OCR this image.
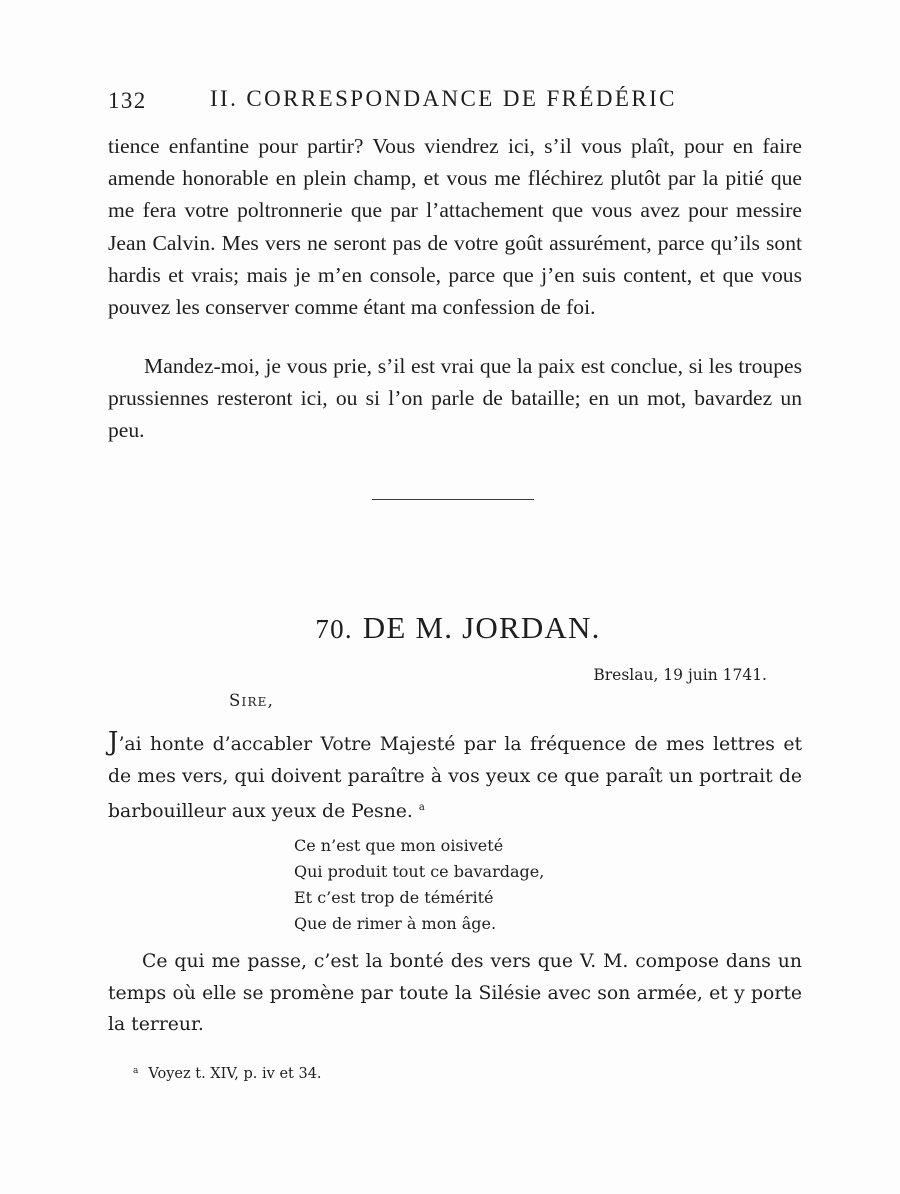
132	II. CORRESPONDANCE DE FRÉDÉRIC

tience enfantine pour partir? Vous viendrez ici, s’il vous plaît, pour en faire amende honorable en plein champ, et vous me fléchirez plutôt par la pitié que me fera votre poltronnerie que par l’attachement que vous avez pour messire Jean Calvin. Mes vers ne seront pas de votre goût assurément, parce qu’ils sont hardis et vrais; mais je m’en console, parce que j’en suis content, et que vous pouvez les conserver comme étant ma confession de foi.

Mandez-moi, je vous prie, s’il est vrai que la paix est conclue, si les troupes prussiennes resteront ici, ou si l’on parle de bataille; en un mot, bavardez un peu.

70. DE M. JORDAN.
Breslau, 19 juin 1741.
Sire,

J’ai honte d’accabler Votre Majesté par la fréquence de mes lettres et de mes vers, qui doivent paraître à vos yeux ce que paraît un portrait de barbouilleur aux yeux de Pesne. $^a$

Ce n’est que mon oisiveté
Qui produit tout ce bavardage,
Et c’est trop de témérité
Que de rimer à mon âge.

Ce qui me passe, c’est la bonté des vers que V. M. compose dans un temps où elle se promène par toute la Silésie avec son armée, et y porte la terreur.

$^a$ Voyez t. XIV, p. iv et 34.
